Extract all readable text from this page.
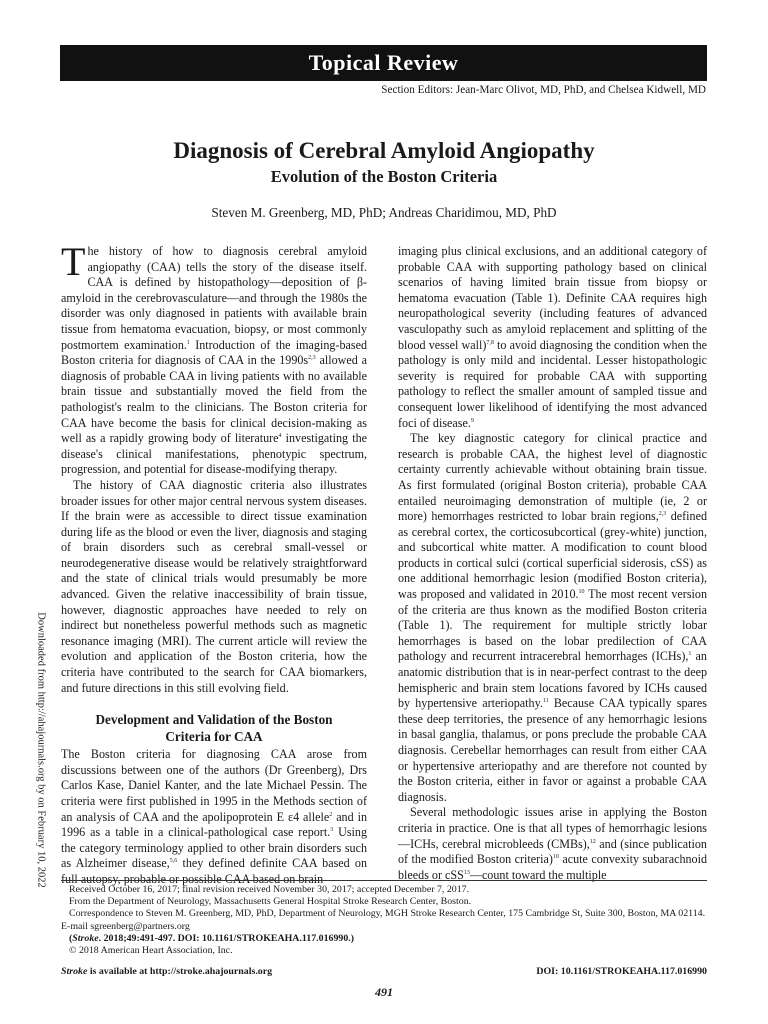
Topical Review
Section Editors: Jean-Marc Olivot, MD, PhD, and Chelsea Kidwell, MD
Diagnosis of Cerebral Amyloid Angiopathy
Evolution of the Boston Criteria
Steven M. Greenberg, MD, PhD; Andreas Charidimou, MD, PhD

The history of how to diagnosis cerebral amyloid angiopathy (CAA) tells the story of the disease itself. CAA is defined by histopathology—deposition of β-amyloid in the cerebrovasculature—and through the 1980s the disorder was only diagnosed in patients with available brain tissue from hematoma evacuation, biopsy, or most commonly postmortem examination.$^1$ Introduction of the imaging-based Boston criteria for diagnosis of CAA in the $1990s^{2,3}$ allowed a diagnosis of probable CAA in living patients with no available brain tissue and substantially moved the field from the pathologist's realm to the clinicians. The Boston criteria for CAA have become the basis for clinical decision-making as well as a rapidly growing body of literature$^4$ investigating the disease's clinical manifestations, phenotypic spectrum, progression, and potential for disease-modifying therapy.

The history of CAA diagnostic criteria also illustrates broader issues for other major central nervous system diseases. If the brain were as accessible to direct tissue examination during life as the blood or even the liver, diagnosis and staging of brain disorders such as cerebral small-vessel or neurodegenerative disease would be relatively straightforward and the state of clinical trials would presumably be more advanced. Given the relative inaccessibility of brain tissue, however, diagnostic approaches have needed to rely on indirect but nonetheless powerful methods such as magnetic resonance imaging (MRI). The current article will review the evolution and application of the Boston criteria, how the criteria have contributed to the search for CAA biomarkers, and future directions in this still evolving field.

Development and Validation of the Boston Criteria for CAA

The Boston criteria for diagnosing CAA arose from discussions between one of the authors (Dr Greenberg), Drs Carlos Kase, Daniel Kanter, and the late Michael Pessin. The criteria were first published in 1995 in the Methods section of an analysis of CAA and the apolipoprotein E ε4 allele$^2$ and in 1996 as a table in a clinical-pathological case report.$^3$ Using the category terminology applied to other brain disorders such as Alzheimer disease,$^{5,6}$ they defined definite CAA based on full autopsy, probable or possible CAA based on brain

imaging plus clinical exclusions, and an additional category of probable CAA with supporting pathology based on clinical scenarios of having limited brain tissue from biopsy or hematoma evacuation (Table 1). Definite CAA requires high neuropathological severity (including features of advanced vasculopathy such as amyloid replacement and splitting of the blood vessel wall)$^{7,8}$ to avoid diagnosing the condition when the pathology is only mild and incidental. Lesser histopathologic severity is required for probable CAA with supporting pathology to reflect the smaller amount of sampled tissue and consequent lower likelihood of identifying the most advanced foci of disease.$^9$

The key diagnostic category for clinical practice and research is probable CAA, the highest level of diagnostic certainty currently achievable without obtaining brain tissue. As first formulated (original Boston criteria), probable CAA entailed neuroimaging demonstration of multiple (ie, 2 or more) hemorrhages restricted to lobar brain regions,$^{2,3}$ defined as cerebral cortex, the corticosubcortical (grey-white) junction, and subcortical white matter. A modification to count blood products in cortical sulci (cortical superficial siderosis, cSS) as one additional hemorrhagic lesion (modified Boston criteria), was proposed and validated in 2010.10 The most recent version of the criteria are thus known as the modified Boston criteria (Table 1). The requirement for multiple strictly lobar hemorrhages is based on the lobar predilection of CAA pathology and recurrent intracerebral hemorrhages (ICHs),$^1$ an anatomic distribution that is in near-perfect contrast to the deep hemispheric and brain stem locations favored by ICHs caused by hypertensive arteriopathy.$^{11}$ Because CAA typically spares these deep territories, the presence of any hemorrhagic lesions in basal ganglia, thalamus, or pons preclude the probable CAA diagnosis. Cerebellar hemorrhages can result from either CAA or hypertensive arteriopathy and are therefore not counted by the Boston criteria, either in favor or against a probable CAA diagnosis.

Several methodologic issues arise in applying the Boston criteria in practice. One is that all types of hemorrhagic lesions—ICHs, cerebral microbleeds (CMBs),$^{12}$ and (since publication of the modified Boston criteria)$^{10}$ acute convexity subarachnoid bleeds or cSS$^{13}$—count toward the multiple

Downloaded from http://ahajournals.org by on February 10, 2022
Received October 16, 2017; final revision received November 30, 2017; accepted December 7, 2017.
From the Department of Neurology, Massachusetts General Hospital Stroke Research Center, Boston.
Correspondence to Steven M. Greenberg, MD, PhD, Department of Neurology, MGH Stroke Research Center, 175 Cambridge St, Suite 300, Boston, MA 02114. E-mail sgreenberg@partners.org
(Stroke. 2018;49:491-497. DOI: 10.1161/STROKEAHA.117.016990.)
© 2018 American Heart Association, Inc.
Stroke is available at http://stroke.ahajournals.org	DOI: 10.1161/STROKEAHA.117.016990
491
